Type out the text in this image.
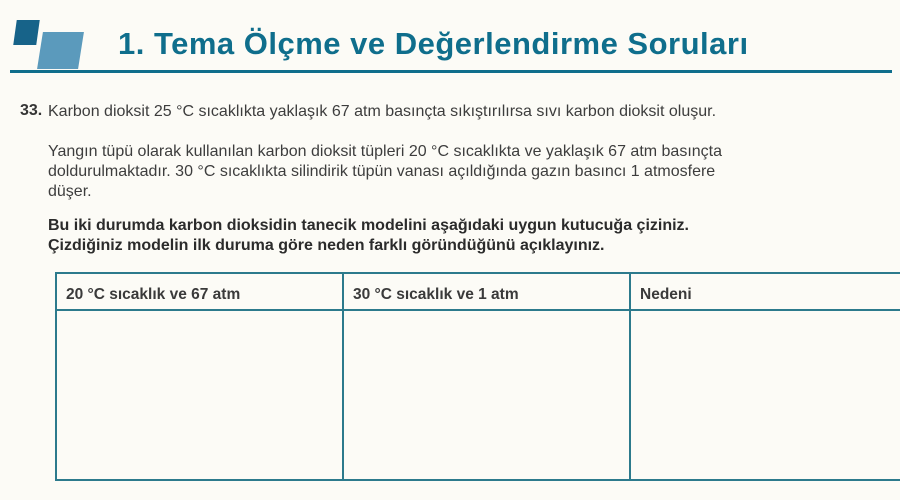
1. Tema Ölçme ve Değerlendirme Soruları
33. Karbon dioksit 25 °C sıcaklıkta yaklaşık 67 atm basınçta sıkıştırılırsa sıvı karbon dioksit oluşur.
Yangın tüpü olarak kullanılan karbon dioksit tüpleri 20 °C sıcaklıkta ve yaklaşık 67 atm basınçta
doldurulmaktadır. 30 °C sıcaklıkta silindirik tüpün vanası açıldığında gazın basıncı 1 atmosfere
düşer.
Bu iki durumda karbon dioksidin tanecik modelini aşağıdaki uygun kutucuğa çiziniz.
Çizdiğiniz modelin ilk duruma göre neden farklı göründüğünü açıklayınız.
20 °C sıcaklık ve 67 atm	30 °C sıcaklık ve 1 atm	Nedeni
